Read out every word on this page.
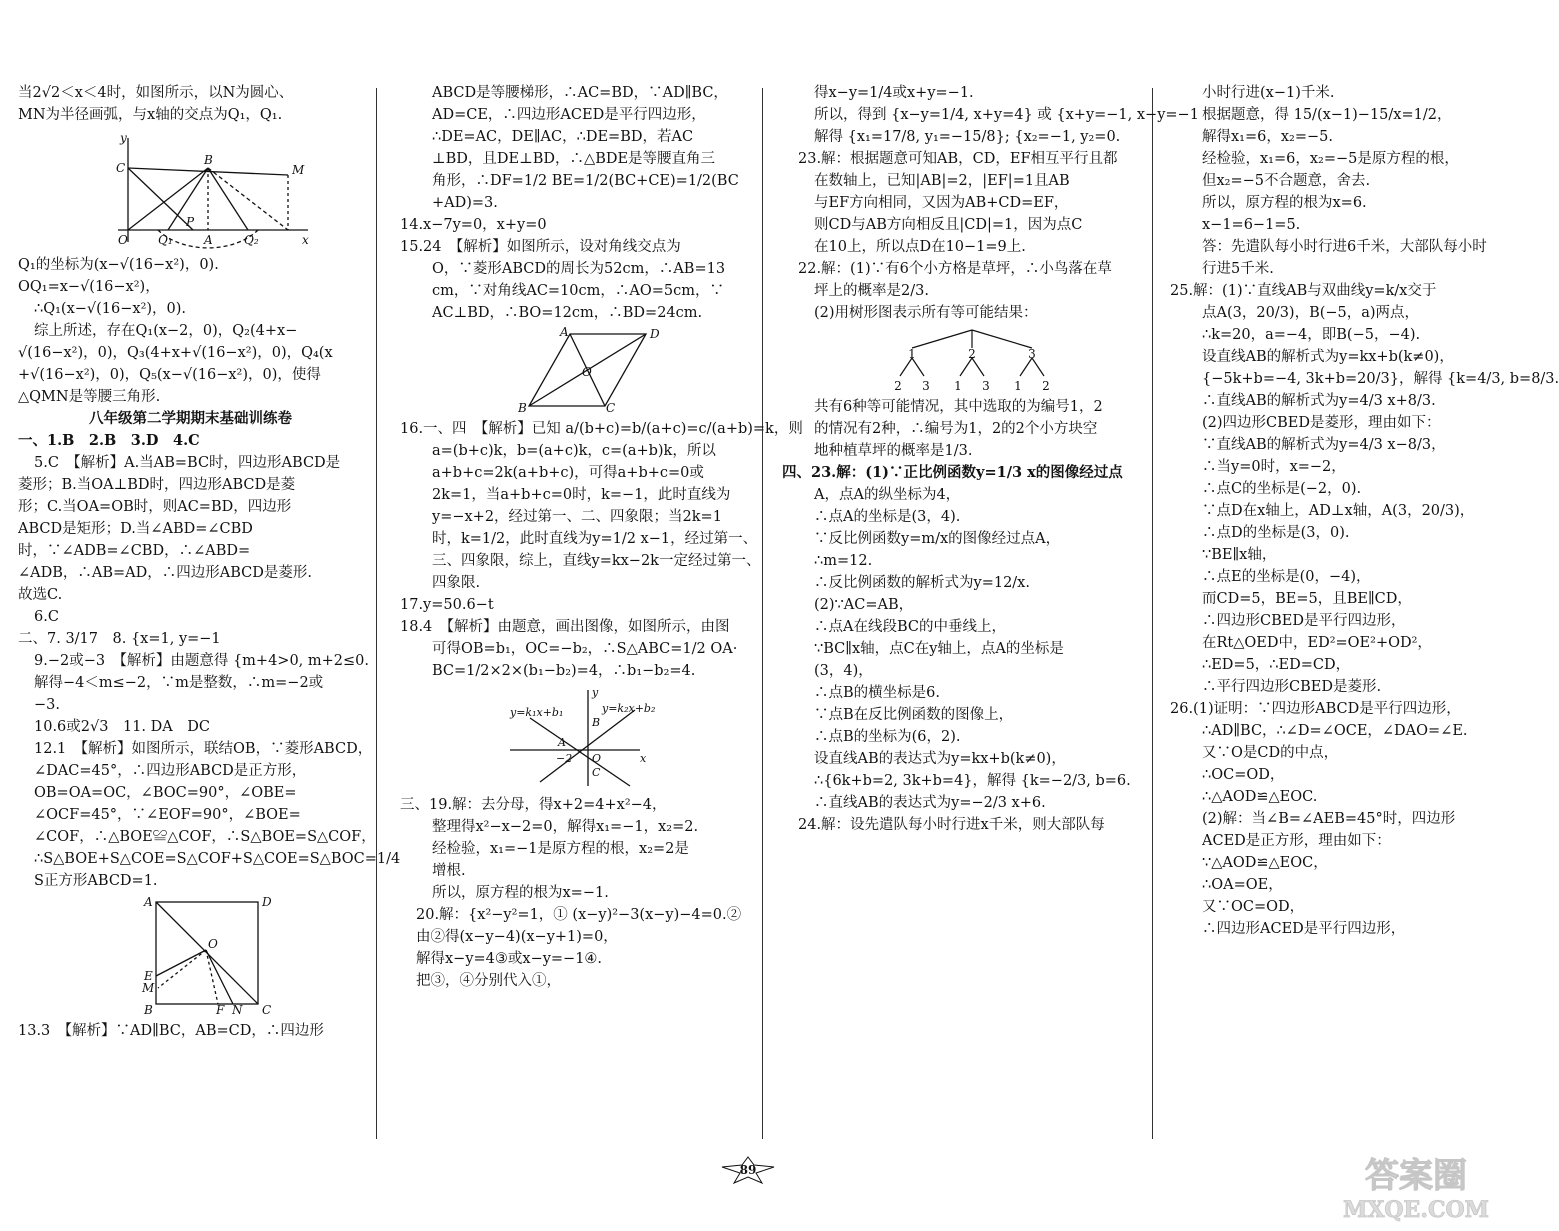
当2√2＜x＜4时，如图所示，以N为圆心、
MN为半径画弧，与x轴的交点为Q₁，Q₁.
y
C
B
M
O	Q₁
P
A	Q₂	x
Q₁的坐标为(x−√(16−x²)，0).
OQ₁=x−√(16−x²)，
∴Q₁(x−√(16−x²)，0).
综上所述，存在Q₁(x−2，0)，Q₂(4+x−
√(16−x²)，0)，Q₃(4+x+√(16−x²)，0)，Q₄(x
+√(16−x²)，0)，Q₅(x−√(16−x²)，0)，使得
△QMN是等腰三角形.
八年级第二学期期末基础训练卷
一、1.B　2.B　3.D　4.C
5.C　【解析】A.当AB=BC时，四边形ABCD是
菱形；B.当OA⊥BD时，四边形ABCD是菱
形；C.当OA=OB时，则AC=BD，四边形
ABCD是矩形；D.当∠ABD=∠CBD
时，∵∠ADB=∠CBD，∴∠ABD=
∠ADB，∴AB=AD，∴四边形ABCD是菱形.
故选C.
6.C
二、7. 3/17　8. {x=1, y=−1
9.−2或−3　【解析】由题意得 {m+4>0, m+2≤0.
解得−4＜m≤−2，∵m是整数，∴m=−2或
−3.
10.6或2√3　11. DA　DC
12.1　【解析】如图所示，联结OB，∵菱形ABCD，
∠DAC=45°，∴四边形ABCD是正方形，
OB=OA=OC，∠BOC=90°，∠OBE=
∠OCF=45°，∵∠EOF=90°，∠BOE=
∠COF，∴△BOE≌△COF，∴S△BOE=S△COF，
∴S△BOE+S△COE=S△COF+S△COE=S△BOC=1/4
S正方形ABCD=1.
A	D
O
E
M
B	C
F N
13.3　【解析】∵AD∥BC，AB=CD，∴四边形
ABCD是等腰梯形，∴AC=BD，∵AD∥BC，
AD=CE，∴四边形ACED是平行四边形，
∴DE=AC，DE∥AC，∴DE=BD，若AC
⊥BD，且DE⊥BD，∴△BDE是等腰直角三
角形，∴DF=1/2 BE=1/2(BC+CE)=1/2(BC
+AD)=3.
14.x−7y=0，x+y=0
15.24　【解析】如图所示，设对角线交点为
O，∵菱形ABCD的周长为52cm，∴AB=13
cm，∵对角线AC=10cm，∴AO=5cm，∵
AC⊥BD，∴BO=12cm，∴BD=24cm.
A	D
O
B	C
16.一、四　【解析】已知 a/(b+c)=b/(a+c)=c/(a+b)=k，则
a=(b+c)k，b=(a+c)k，c=(a+b)k，所以
a+b+c=2k(a+b+c)，可得a+b+c=0或
2k=1，当a+b+c=0时，k=−1，此时直线为
y=−x+2，经过第一、二、四象限；当2k=1
时，k=1/2，此时直线为y=1/2 x−1，经过第一、
三、四象限，综上，直线y=kx−2k一定经过第一、
四象限.
17.y=50.6−t
18.4　【解析】由题意，画出图像，如图所示，由图
可得OB=b₁，OC=−b₂，∴S△ABC=1/2 OA·
BC=1/2×2×(b₁−b₂)=4，∴b₁−b₂=4.
y=k₁x+b₁	y=k₂x+b₂
B
A
O
C
x
y
−2
三、19.解：去分母，得x+2=4+x²−4，
整理得x²−x−2=0，解得x₁=−1，x₂=2.
经检验，x₁=−1是原方程的根，x₂=2是
增根.
所以，原方程的根为x=−1.
20.解：{x²−y²=1，① (x−y)²−3(x−y)−4=0.②
由②得(x−y−4)(x−y+1)=0，
解得x−y=4③或x−y=−1④.
把③，④分别代入①，
得x−y=1/4或x+y=−1.
所以，得到 {x−y=1/4, x+y=4} 或 {x+y=−1, x−y=−1
解得 {x₁=17/8, y₁=−15/8}; {x₂=−1, y₂=0.
23.解：根据题意可知AB，CD，EF相互平行且都
在数轴上，已知|AB|=2，|EF|=1且AB
与EF方向相同，又因为AB+CD=EF，
则CD与AB方向相反且|CD|=1，因为点C
在10上，所以点D在10−1=9上.
22.解：(1)∵有6个小方格是草坪，∴小鸟落在草
坪上的概率是2/3.
(2)用树形图表示所有等可能结果：
1	2	3
2 3 1 3 1 2
共有6种等可能情况，其中选取的为编号1，2
的情况有2种，∴编号为1，2的2个小方块空
地种植草坪的概率是1/3.
四、23.解：(1)∵正比例函数y=1/3 x的图像经过点
A，点A的纵坐标为4，
∴点A的坐标是(3，4).
∵反比例函数y=m/x的图像经过点A，
∴m=12.
∴反比例函数的解析式为y=12/x.
(2)∵AC=AB，
∴点A在线段BC的中垂线上，
∵BC∥x轴，点C在y轴上，点A的坐标是
(3，4)，
∴点B的横坐标是6.
∵点B在反比例函数的图像上，
∴点B的坐标为(6，2).
设直线AB的表达式为y=kx+b(k≠0)，
∴{6k+b=2, 3k+b=4}，解得 {k=−2/3, b=6.
∴直线AB的表达式为y=−2/3 x+6.
24.解：设先遣队每小时行进x千米，则大部队每
小时行进(x−1)千米.
根据题意，得 15/(x−1)−15/x=1/2，
解得x₁=6，x₂=−5.
经检验，x₁=6，x₂=−5是原方程的根，
但x₂=−5不合题意，舍去.
所以，原方程的根为x=6.
x−1=6−1=5.
答：先遣队每小时行进6千米，大部队每小时
行进5千米.
25.解：(1)∵直线AB与双曲线y=k/x交于
点A(3，20/3)，B(−5，a)两点，
∴k=20，a=−4，即B(−5，−4).
设直线AB的解析式为y=kx+b(k≠0)，
{−5k+b=−4, 3k+b=20/3}，解得 {k=4/3, b=8/3.
∴直线AB的解析式为y=4/3 x+8/3.
(2)四边形CBED是菱形，理由如下：
∵直线AB的解析式为y=4/3 x−8/3，
∴当y=0时，x=−2，
∴点C的坐标是(−2，0).
∵点D在x轴上，AD⊥x轴，A(3，20/3)，
∴点D的坐标是(3，0).
∵BE∥x轴，
∴点E的坐标是(0，−4)，
而CD=5，BE=5，且BE∥CD，
∴四边形CBED是平行四边形，
在Rt△OED中，ED²=OE²+OD²，
∴ED=5，∴ED=CD，
∴平行四边形CBED是菱形.
26.(1)证明：∵四边形ABCD是平行四边形，
∴AD∥BC，∴∠D=∠OCE，∠DAO=∠E.
又∵O是CD的中点，
∴OC=OD，
∴△AOD≌△EOC.
(2)解：当∠B=∠AEB=45°时，四边形
ACED是正方形，理由如下：
∵△AOD≌△EOC，
∴OA=OE，
又∵OC=OD，
∴四边形ACED是平行四边形，
89	答案圈
MXQE.COM
